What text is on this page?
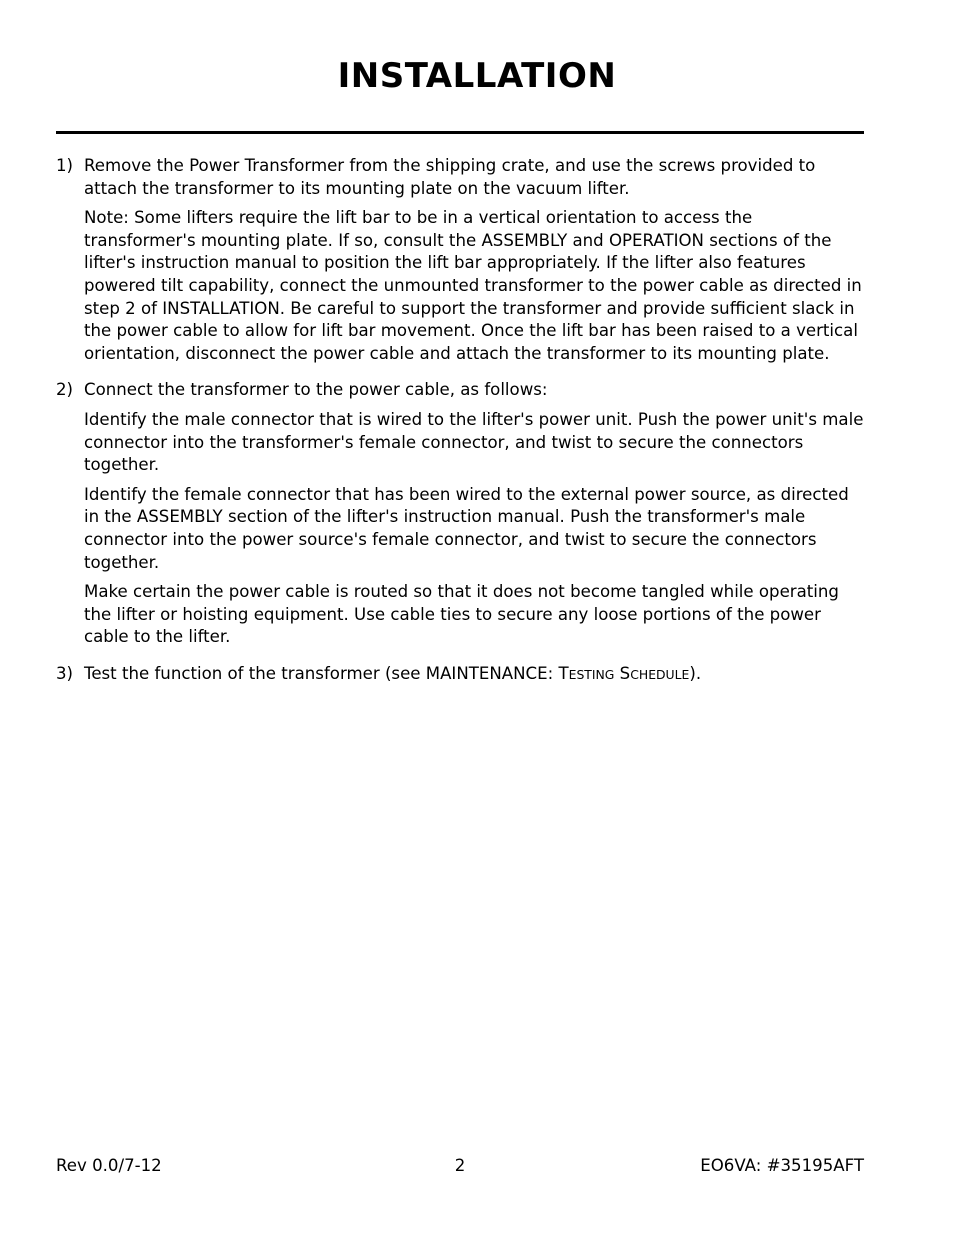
INSTALLATION
1) Remove the Power Transformer from the shipping crate, and use the screws provided to attach the transformer to its mounting plate on the vacuum lifter.

Note: Some lifters require the lift bar to be in a vertical orientation to access the transformer's mounting plate. If so, consult the ASSEMBLY and OPERATION sections of the lifter's instruction manual to position the lift bar appropriately. If the lifter also features powered tilt capability, connect the unmounted transformer to the power cable as directed in step 2 of INSTALLATION. Be careful to support the transformer and provide sufficient slack in the power cable to allow for lift bar movement. Once the lift bar has been raised to a vertical orientation, disconnect the power cable and attach the transformer to its mounting plate.

2) Connect the transformer to the power cable, as follows:

Identify the male connector that is wired to the lifter's power unit. Push the power unit's male connector into the transformer's female connector, and twist to secure the connectors together.

Identify the female connector that has been wired to the external power source, as directed in the ASSEMBLY section of the lifter's instruction manual. Push the transformer's male connector into the power source's female connector, and twist to secure the connectors together.

Make certain the power cable is routed so that it does not become tangled while operating the lifter or hoisting equipment. Use cable ties to secure any loose portions of the power cable to the lifter.

3) Test the function of the transformer (see MAINTENANCE: TESTING SCHEDULE).

Rev 0.0/7-12	2	EO6VA: #35195AFT
